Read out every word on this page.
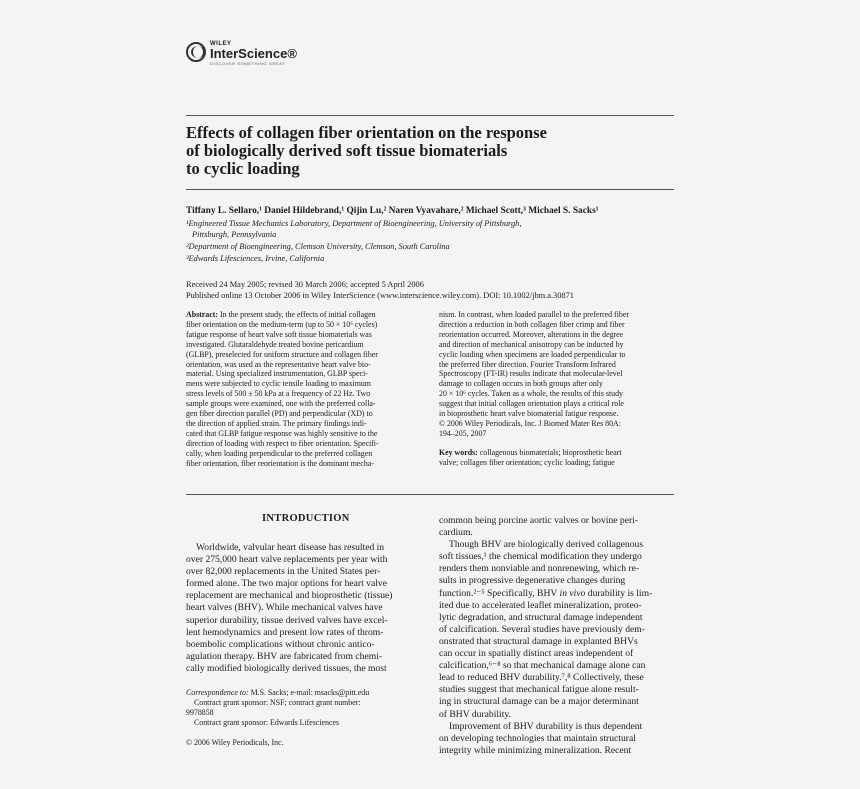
WILEY
InterScience®
DISCOVER SOMETHING GREAT
Effects of collagen fiber orientation on the response
of biologically derived soft tissue biomaterials
to cyclic loading
Tiffany L. Sellaro,¹ Daniel Hildebrand,¹ Qijin Lu,² Naren Vyavahare,² Michael Scott,³ Michael S. Sacks¹
¹Engineered Tissue Mechanics Laboratory, Department of Bioengineering, University of Pittsburgh,
Pittsburgh, Pennsylvania
²Department of Bioengineering, Clemson University, Clemson, South Carolina
³Edwards Lifesciences, Irvine, California
Received 24 May 2005; revised 30 March 2006; accepted 5 April 2006
Published online 13 October 2006 in Wiley InterScience (www.interscience.wiley.com). DOI: 10.1002/jbm.a.30871
Abstract: In the present study, the effects of initial collagen
fiber orientation on the medium-term (up to 50 × 10⁶ cycles)
fatigue response of heart valve soft tissue biomaterials was
investigated. Glutaraldehyde treated bovine pericardium
(GLBP), preselected for uniform structure and collagen fiber
orientation, was used as the representative heart valve bio-
material. Using specialized instrumentation, GLBP speci-
mens were subjected to cyclic tensile loading to maximum
stress levels of 500 ± 50 kPa at a frequency of 22 Hz. Two
sample groups were examined, one with the preferred colla-
gen fiber direction parallel (PD) and perpendicular (XD) to
the direction of applied strain. The primary findings indi-
cated that GLBP fatigue response was highly sensitive to the
direction of loading with respect to fiber orientation. Specifi-
cally, when loading perpendicular to the preferred collagen
fiber orientation, fiber reorientation is the dominant mecha-
nism. In contrast, when loaded parallel to the preferred fiber
direction a reduction in both collagen fiber crimp and fiber
reorientation occurred. Moreover, alterations in the degree
and direction of mechanical anisotropy can be inducted by
cyclic loading when specimens are loaded perpendicular to
the preferred fiber direction. Fourier Transform Infrared
Spectroscopy (FT-IR) results indicate that molecular-level
damage to collagen occurs in both groups after only
20 × 10⁶ cycles. Taken as a whole, the results of this study
suggest that initial collagen orientation plays a critical role
in bioprosthetic heart valve biomaterial fatigue response.
© 2006 Wiley Periodicals, Inc. J Biomed Mater Res 80A:
194–205, 2007
Key words: collagenous biomaterials; bioprosthetic heart
valve; collagen fiber orientation; cyclic loading; fatigue
INTRODUCTION
Worldwide, valvular heart disease has resulted in
over 275,000 heart valve replacements per year with
over 82,000 replacements in the United States per-
formed alone. The two major options for heart valve
replacement are mechanical and bioprosthetic (tissue)
heart valves (BHV). While mechanical valves have
superior durability, tissue derived valves have excel-
lent hemodynamics and present low rates of throm-
boembolic complications without chronic antico-
agulation therapy. BHV are fabricated from chemi-
cally modified biologically derived tissues, the most
common being porcine aortic valves or bovine peri-
cardium.
Though BHV are biologically derived collagenous
soft tissues,¹ the chemical modification they undergo
renders them nonviable and nonrenewing, which re-
sults in progressive degenerative changes during
function.²⁻⁵ Specifically, BHV in vivo durability is lim-
ited due to accelerated leaflet mineralization, proteo-
lytic degradation, and structural damage independent
of calcification. Several studies have previously dem-
onstrated that structural damage in explanted BHVs
can occur in spatially distinct areas independent of
calcification,⁶⁻⁸ so that mechanical damage alone can
lead to reduced BHV durability.⁷,⁸ Collectively, these
studies suggest that mechanical fatigue alone result-
ing in structural damage can be a major determinant
of BHV durability.
Improvement of BHV durability is thus dependent
on developing technologies that maintain structural
integrity while minimizing mineralization. Recent
Correspondence to: M.S. Sacks; e-mail: msacks@pitt.edu
Contract grant sponsor: NSF; contract grant number:
9978858
Contract grant sponsor: Edwards Lifesciences
© 2006 Wiley Periodicals, Inc.
